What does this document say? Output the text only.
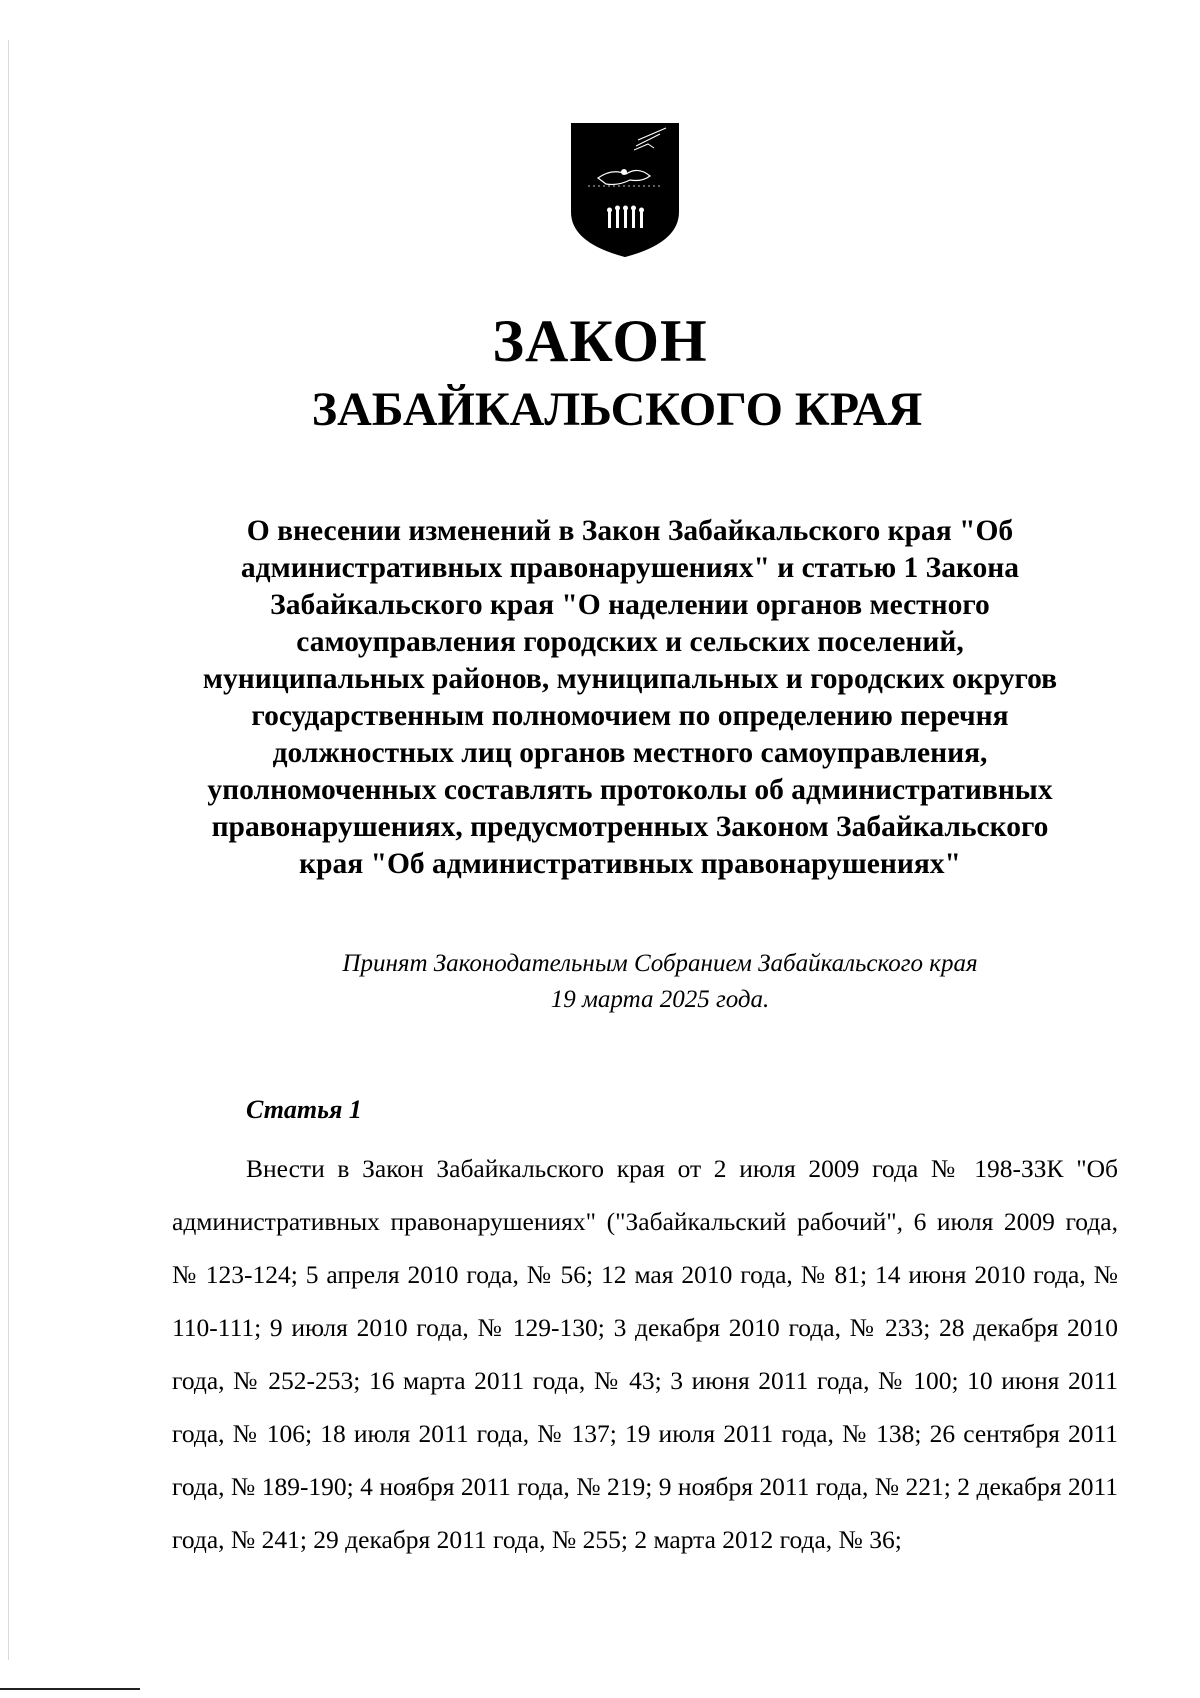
ЗАКОН
ЗАБАЙКАЛЬСКОГО КРАЯ
О внесении изменений в Закон Забайкальского края "Об административных правонарушениях" и статью 1 Закона Забайкальского края "О наделении органов местного самоуправления городских и сельских поселений, муниципальных районов, муниципальных и городских округов государственным полномочием по определению перечня должностных лиц органов местного самоуправления, уполномоченных составлять протоколы об административных правонарушениях, предусмотренных Законом Забайкальского края "Об административных правонарушениях"
Принят Законодательным Собранием Забайкальского края
19 марта 2025 года.
Статья 1
Внести в Закон Забайкальского края от 2 июля 2009 года № 198-ЗЗК "Об административных правонарушениях" ("Забайкальский рабочий", 6 июля 2009 года, № 123-124; 5 апреля 2010 года, № 56; 12 мая 2010 года, № 81; 14 июня 2010 года, № 110-111; 9 июля 2010 года, № 129-130; 3 декабря 2010 года, № 233; 28 декабря 2010 года, № 252-253; 16 марта 2011 года, № 43; 3 июня 2011 года, № 100; 10 июня 2011 года, № 106; 18 июля 2011 года, № 137; 19 июля 2011 года, № 138; 26 сентября 2011 года, № 189-190; 4 ноября 2011 года, № 219; 9 ноября 2011 года, № 221; 2 декабря 2011 года, № 241; 29 декабря 2011 года, № 255; 2 марта 2012 года, № 36;
